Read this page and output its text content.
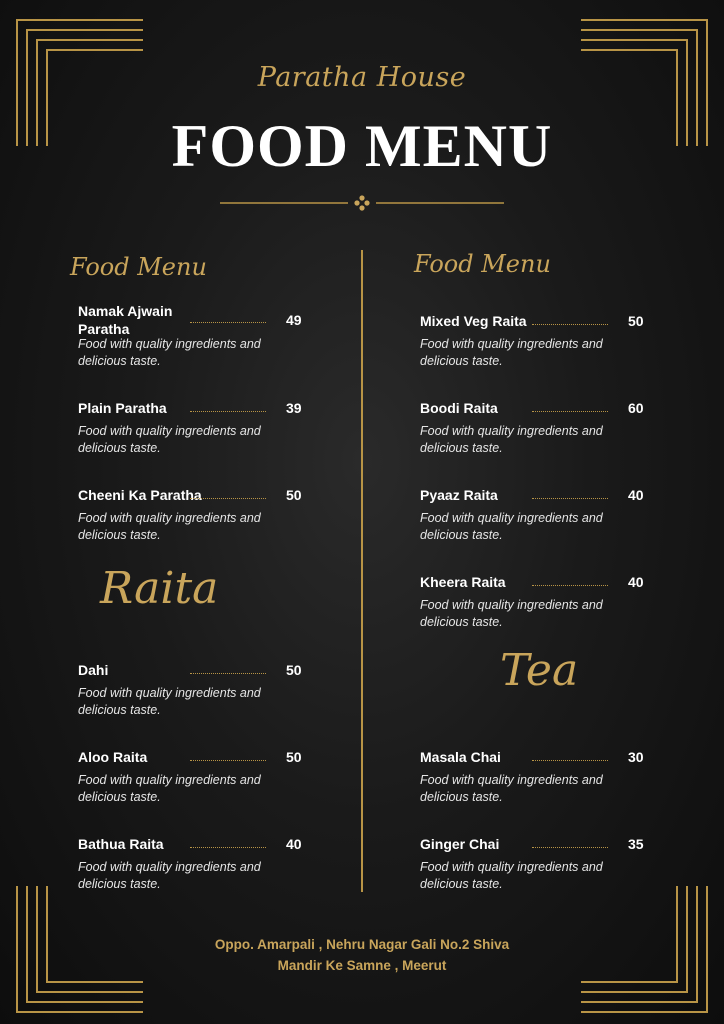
Paratha House
FOOD MENU
Food Menu
Namak Ajwain Paratha
49
Food with quality ingredients and delicious taste.
Plain Paratha	39
Food with quality ingredients and delicious taste.
Cheeni Ka Paratha	50
Food with quality ingredients and delicious taste.
Raita
Dahi	50
Food with quality ingredients and delicious taste.
Aloo Raita	50
Food with quality ingredients and delicious taste.
Bathua Raita	40
Food with quality ingredients and delicious taste.
Food Menu
Mixed Veg Raita	50
Food with quality ingredients and delicious taste.
Boodi Raita	60
Food with quality ingredients and delicious taste.
Pyaaz Raita	40
Food with quality ingredients and delicious taste.
Kheera Raita	40
Food with quality ingredients and delicious taste.
Tea
Masala Chai	30
Food with quality ingredients and delicious taste.
Ginger Chai	35
Food with quality ingredients and delicious taste.
Oppo. Amarpali , Nehru Nagar Gali No.2 Shiva
Mandir Ke Samne , Meerut
